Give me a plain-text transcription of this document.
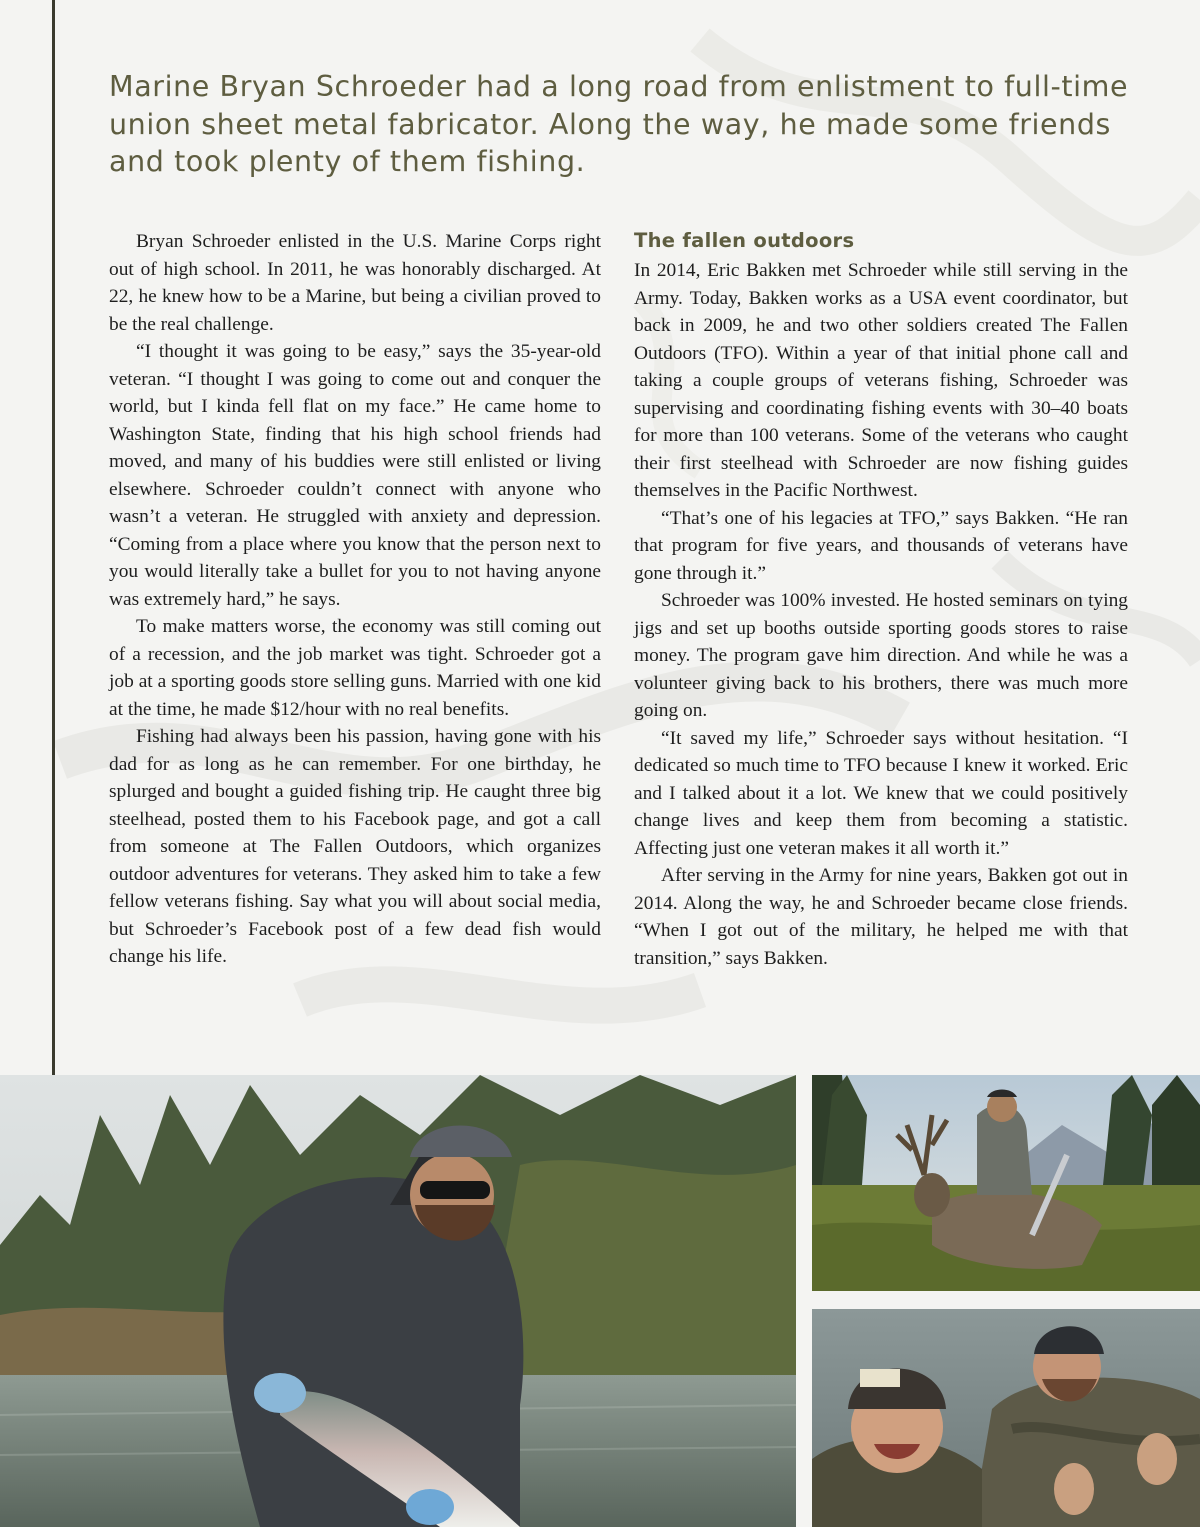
Marine Bryan Schroeder had a long road from enlistment to full-time union sheet metal fabricator. Along the way, he made some friends and took plenty of them fishing.

Bryan Schroeder enlisted in the U.S. Marine Corps right out of high school. In 2011, he was honorably discharged. At 22, he knew how to be a Marine, but being a civilian proved to be the real challenge.

“I thought it was going to be easy,” says the 35-year-old veteran. “I thought I was going to come out and conquer the world, but I kinda fell flat on my face.” He came home to Washington State, finding that his high school friends had moved, and many of his buddies were still enlisted or living elsewhere. Schroeder couldn’t connect with anyone who wasn’t a veteran. He struggled with anxiety and depression. “Coming from a place where you know that the person next to you would literally take a bullet for you to not having anyone was extremely hard,” he says.

To make matters worse, the economy was still coming out of a recession, and the job market was tight. Schroeder got a job at a sporting goods store selling guns. Married with one kid at the time, he made $12/hour with no real benefits.

Fishing had always been his passion, having gone with his dad for as long as he can remember. For one birthday, he splurged and bought a guided fishing trip. He caught three big steelhead, posted them to his Facebook page, and got a call from someone at The Fallen Outdoors, which organizes outdoor adventures for veterans. They asked him to take a few fellow veterans fishing. Say what you will about social media, but Schroeder’s Facebook post of a few dead fish would change his life.

The fallen outdoors

In 2014, Eric Bakken met Schroeder while still serving in the Army. Today, Bakken works as a USA event coordinator, but back in 2009, he and two other soldiers created The Fallen Outdoors (TFO). Within a year of that initial phone call and taking a couple groups of veterans fishing, Schroeder was supervising and coordinating fishing events with 30–40 boats for more than 100 veterans. Some of the veterans who caught their first steelhead with Schroeder are now fishing guides themselves in the Pacific Northwest.

“That’s one of his legacies at TFO,” says Bakken. “He ran that program for five years, and thousands of veterans have gone through it.”

Schroeder was 100% invested. He hosted seminars on tying jigs and set up booths outside sporting goods stores to raise money. The program gave him direction. And while he was a volunteer giving back to his brothers, there was much more going on.

“It saved my life,” Schroeder says without hesitation. “I dedicated so much time to TFO because I knew it worked. Eric and I talked about it a lot. We knew that we could positively change lives and keep them from becoming a statistic. Affecting just one veteran makes it all worth it.”

After serving in the Army for nine years, Bakken got out in 2014. Along the way, he and Schroeder became close friends. “When I got out of the military, he helped me with that transition,” says Bakken.
